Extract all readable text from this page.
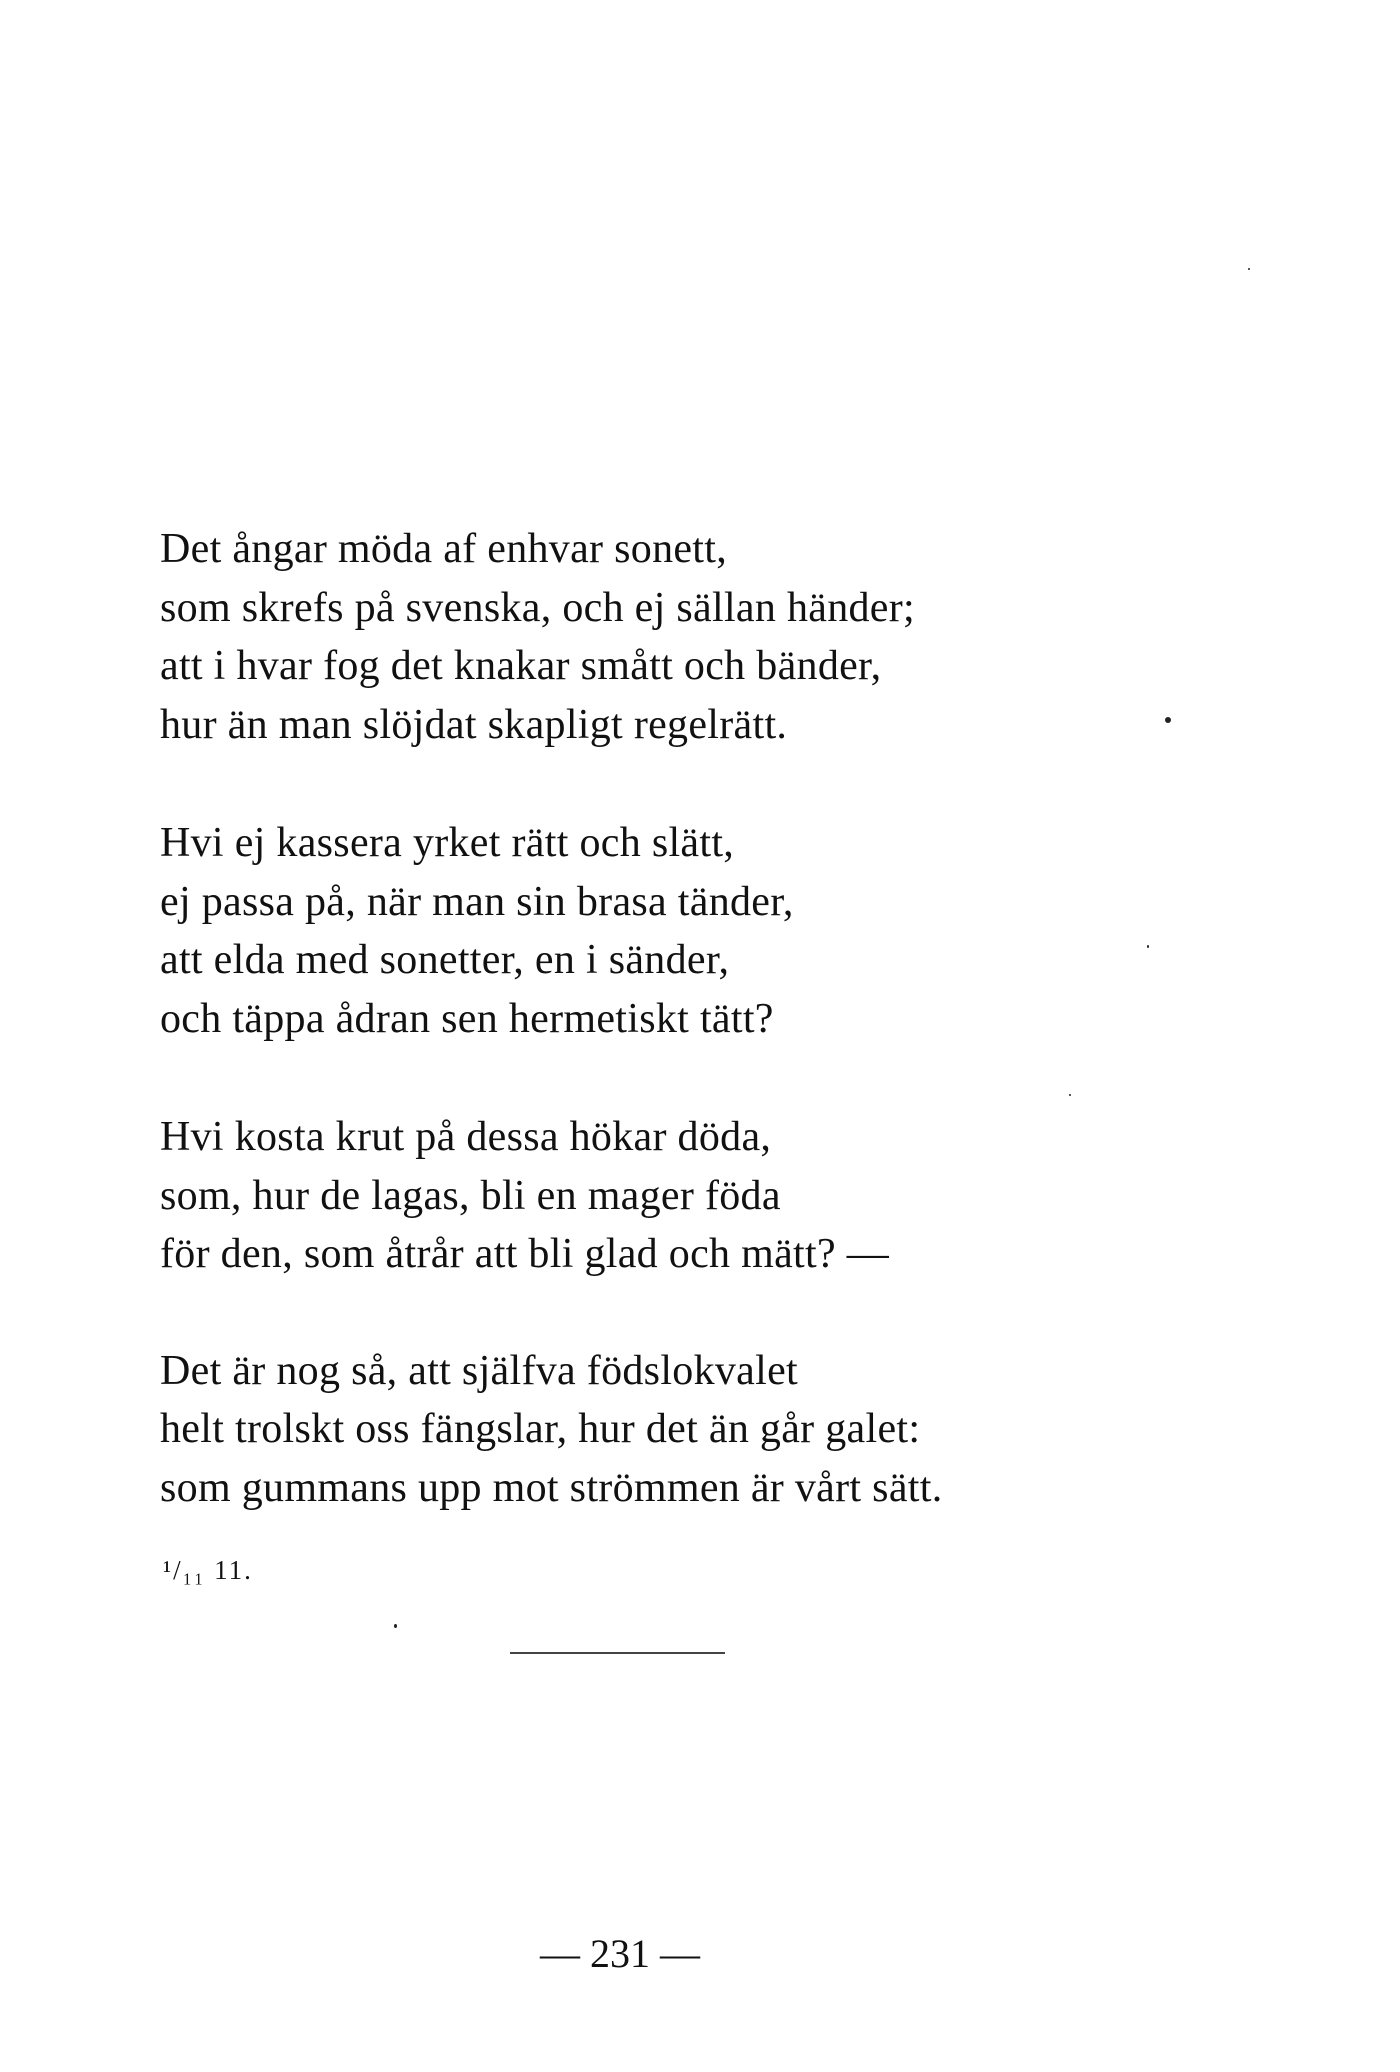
Det ångar möda af enhvar sonett,
som skrefs på svenska, och ej sällan händer;
att i hvar fog det knakar smått och bänder,
hur än man slöjdat skapligt regelrätt.
Hvi ej kassera yrket rätt och slätt,
ej passa på, när man sin brasa tänder,
att elda med sonetter, en i sänder,
och täppa ådran sen hermetiskt tätt?
Hvi kosta krut på dessa hökar döda,
som, hur de lagas, bli en mager föda
för den, som åtrår att bli glad och mätt? —
Det är nog så, att själfva födslokvalet
helt trolskt oss fängslar, hur det än går galet:
som gummans upp mot strömmen är vårt sätt.
¹/₁₁ 11.
— 231 —
